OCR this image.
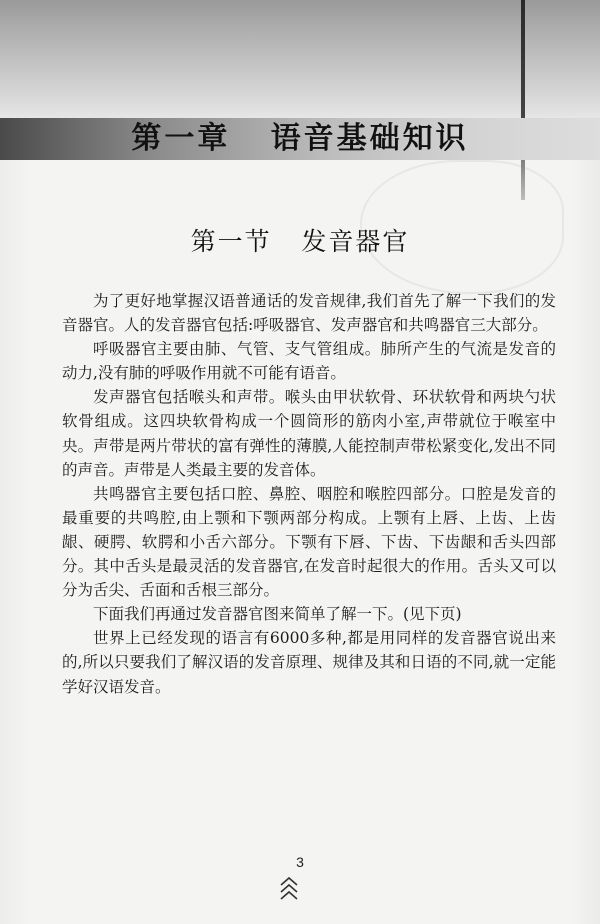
第一章   语音基础知识
第一节   发音器官

为了更好地掌握汉语普通话的发音规律,我们首先了解一下我们的发音器官。人的发音器官包括:呼吸器官、发声器官和共鸣器官三大部分。

呼吸器官主要由肺、气管、支气管组成。肺所产生的气流是发音的动力,没有肺的呼吸作用就不可能有语音。

发声器官包括喉头和声带。喉头由甲状软骨、环状软骨和两块勺状软骨组成。这四块软骨构成一个圆筒形的筋肉小室,声带就位于喉室中央。声带是两片带状的富有弹性的薄膜,人能控制声带松紧变化,发出不同的声音。声带是人类最主要的发音体。

共鸣器官主要包括口腔、鼻腔、咽腔和喉腔四部分。口腔是发音的最重要的共鸣腔,由上颚和下颚两部分构成。上颚有上唇、上齿、上齿龈、硬腭、软腭和小舌六部分。下颚有下唇、下齿、下齿龈和舌头四部分。其中舌头是最灵活的发音器官,在发音时起很大的作用。舌头又可以分为舌尖、舌面和舌根三部分。

下面我们再通过发音器官图来简单了解一下。(见下页)

世界上已经发现的语言有6000多种,都是用同样的发音器官说出来的,所以只要我们了解汉语的发音原理、规律及其和日语的不同,就一定能学好汉语发音。

3
